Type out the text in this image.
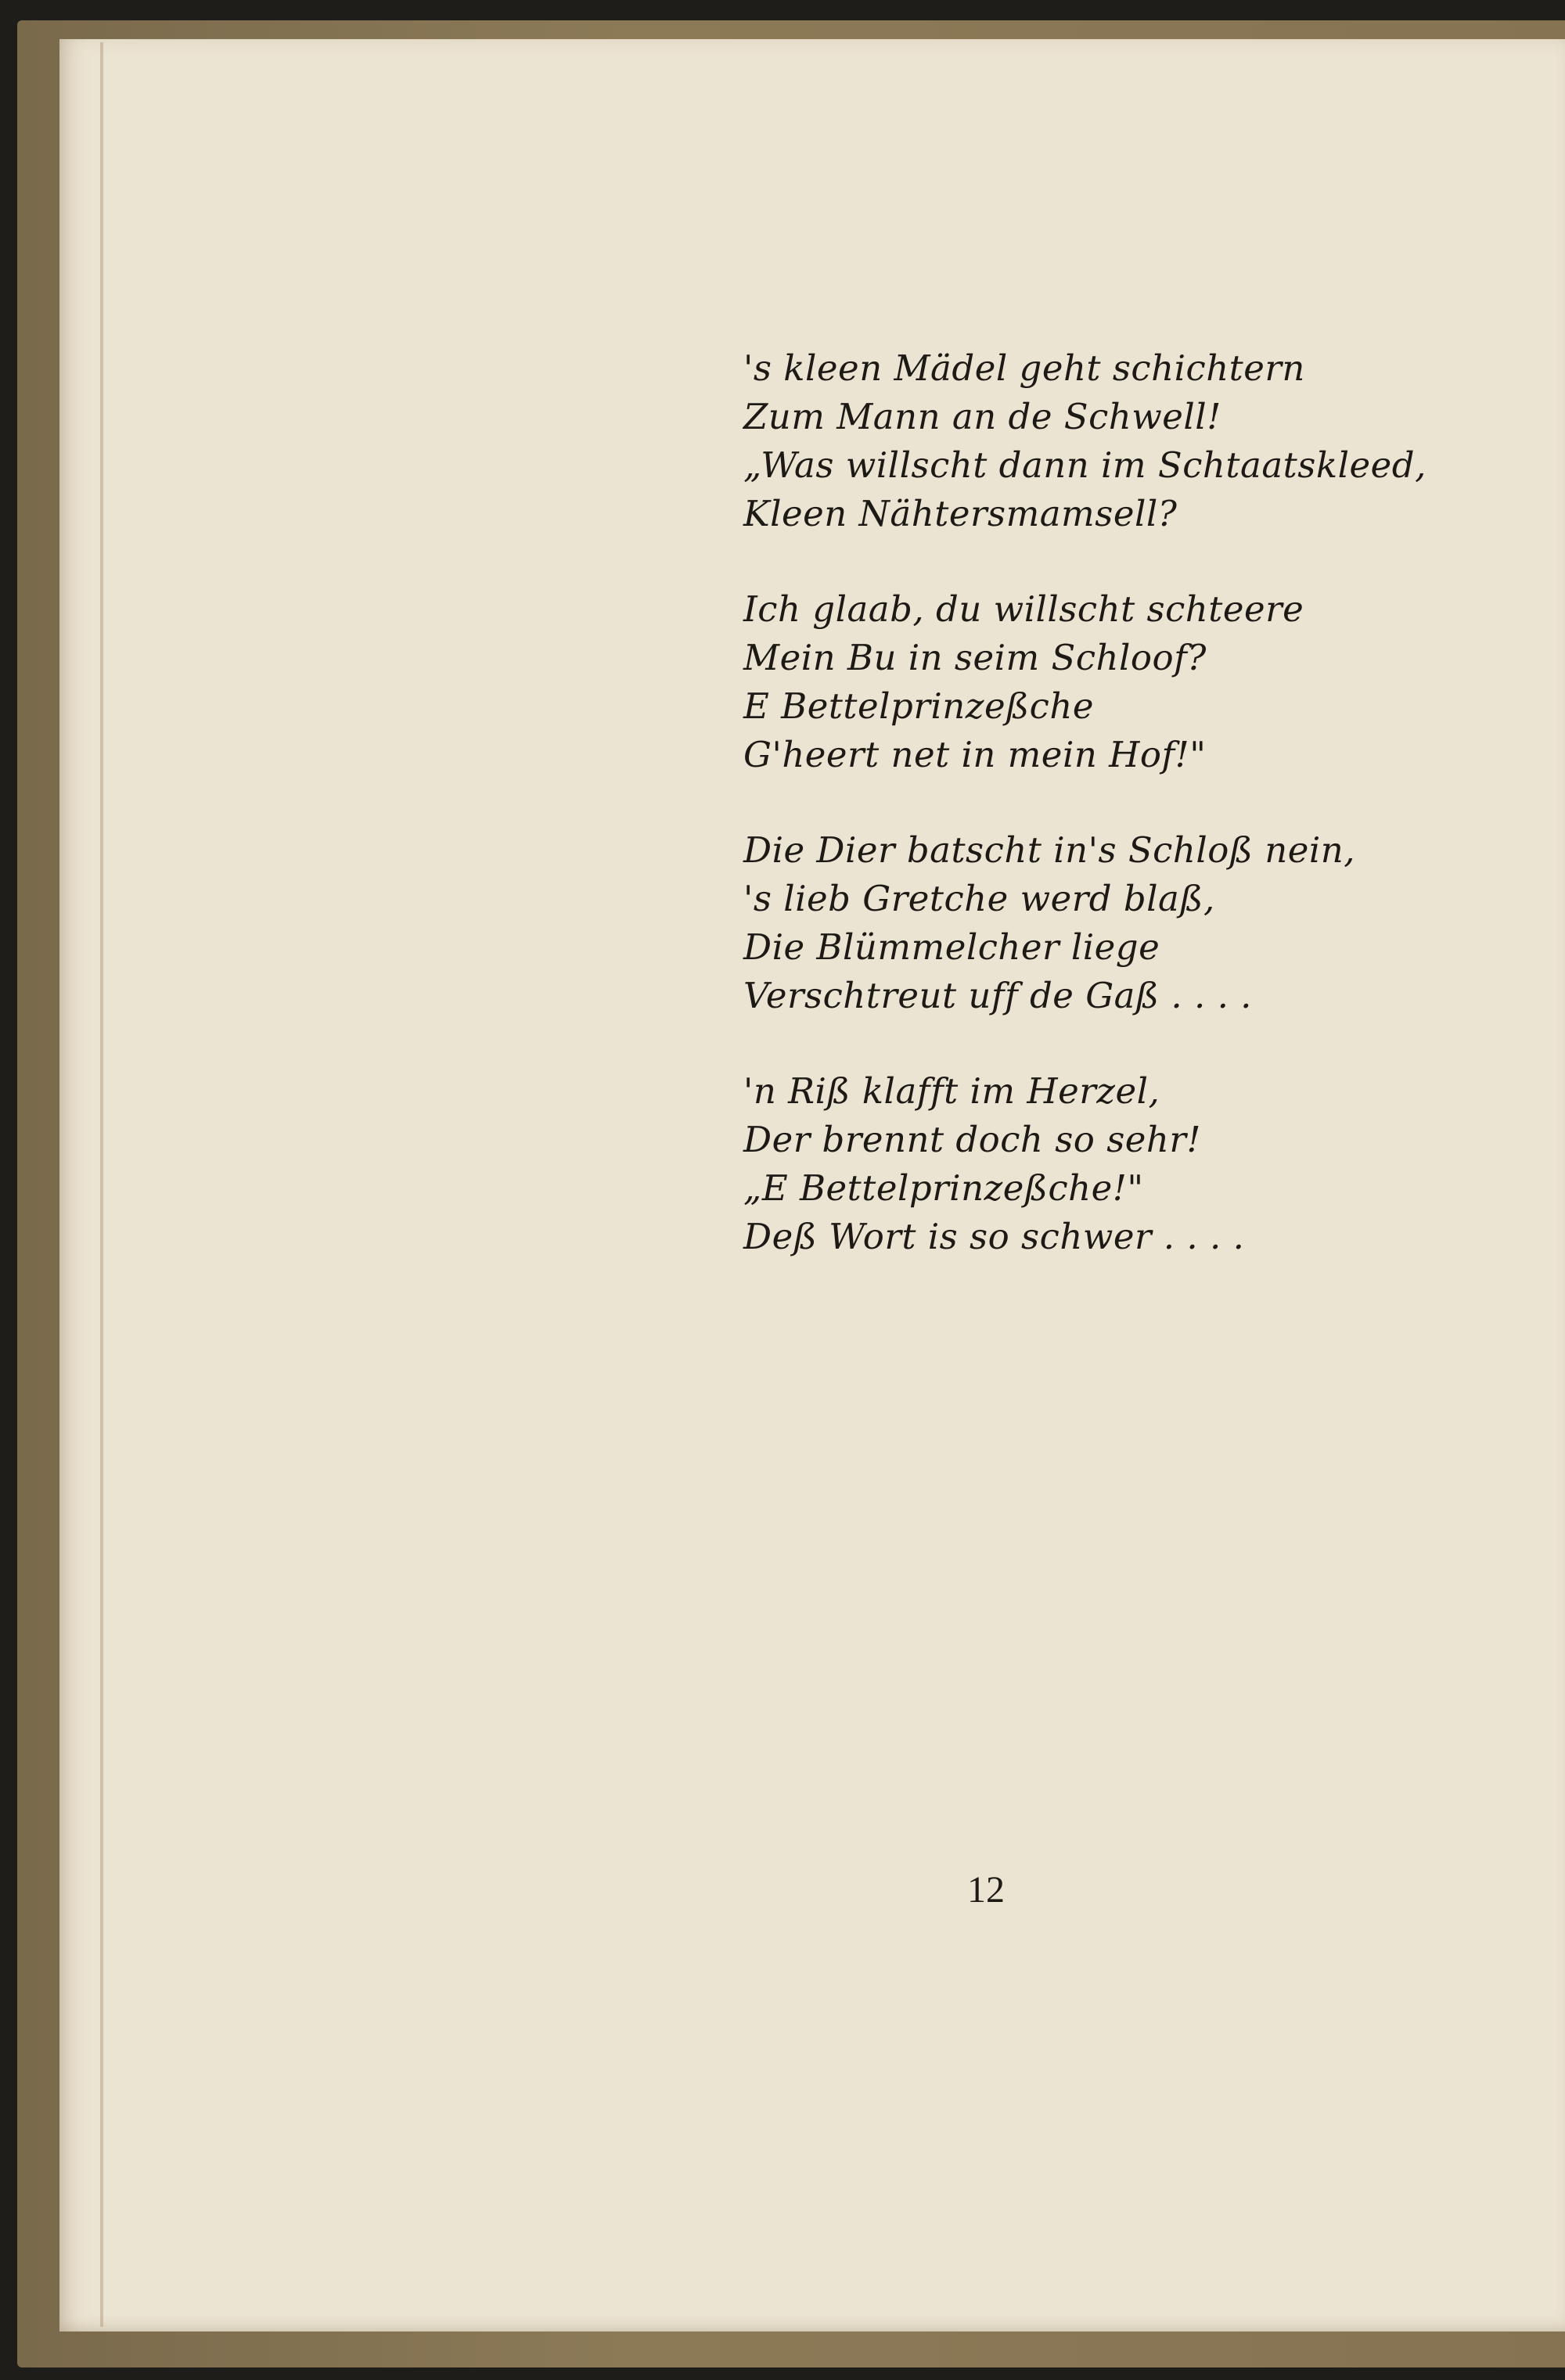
's kleen Mädel geht schichtern
Zum Mann an de Schwell!
„Was willscht dann im Schtaatskleed,
Kleen Nähtersmamsell?
Ich glaab, du willscht schteere
Mein Bu in seim Schloof?
E Bettelprinzeßche
G'heert net in mein Hof!"
Die Dier batscht in's Schloß nein,
's lieb Gretche werd blaß,
Die Blümmelcher liege
Verschtreut uff de Gaß . . . .
'n Riß klafft im Herzel,
Der brennt doch so sehr!
„E Bettelprinzeßche!"
Deß Wort is so schwer . . . .
12
